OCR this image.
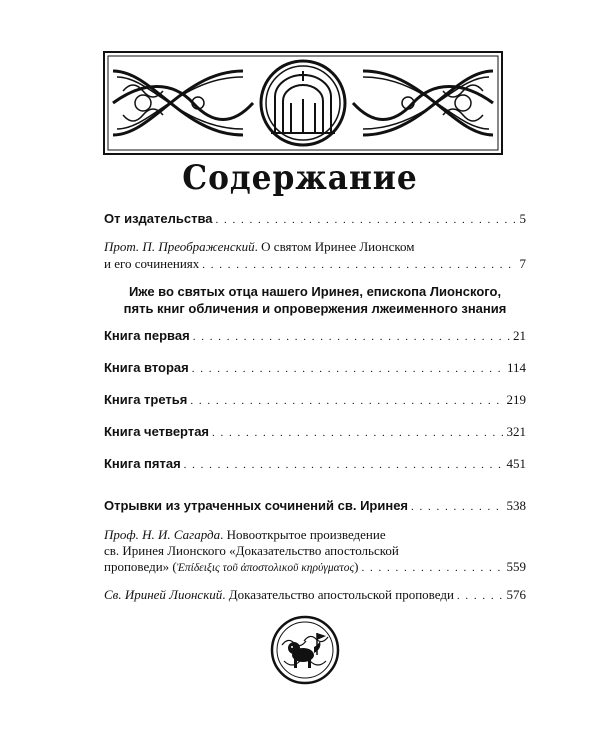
Содержание
От издательства . . .	5
Прот. П. Преображенский. О святом Иринее Лионском
и его сочинениях . . .	7
Иже во святых отца нашего Иринея, епископа Лионского,
пять книг обличения и опровержения лжеименного знания
Книга первая . . .	21
Книга вторая . . .	114
Книга третья . . .	219
Книга четвертая . . .	321
Книга пятая . . .	451
Отрывки из утраченных сочинений св. Иринея . . .	538
Проф. Н. И. Сагарда. Новооткрытое произведение
св. Иринея Лионского «Доказательство апостольской
проповеди» (Ἐπίδειξις τοῦ ἀποστολικοῦ κηρύγματος) . . .	559
Св. Ириней Лионский. Доказательство апостольской проповеди . . .	576
